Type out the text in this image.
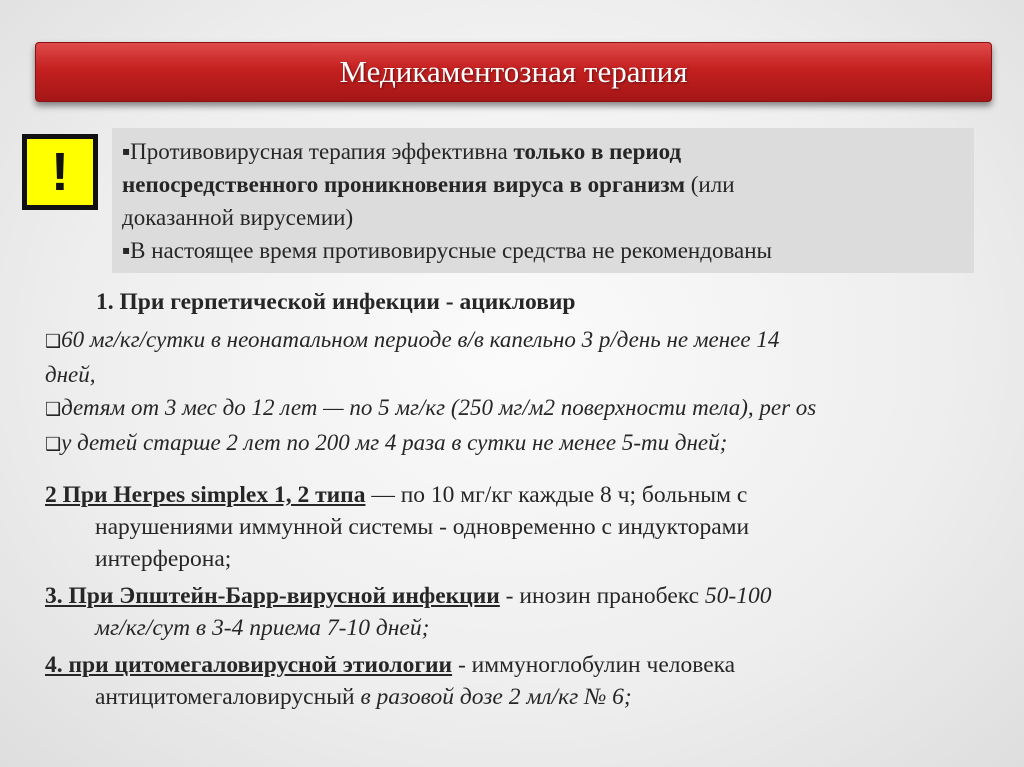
Медикаментозная терапия
!	▪Противовирусная терапия эффективна только в период

непосредственного проникновения вируса в организм (или

доказанной вирусемии)

▪В настоящее время противовирусные средства не рекомендованы

1. При герпетической инфекции - ацикловир

❑60 мг/кг/сутки в неонатальном периоде в/в капельно 3 р/день не менее 14

дней,

❑детям от 3 мес до 12 лет — по 5 мг/кг (250 мг/м2 поверхности тела), per os

❑у детей старше 2 лет по 200 мг 4 раза в сутки не менее 5-ти дней;

2 При Herpes simplex 1, 2 типа — по 10 мг/кг каждые 8 ч; больным с
нарушениями иммунной системы - одновременно с индукторами
интерферона;
3. При Эпштейн-Барр-вирусной инфекции - инозин пранобекс 50-100
мг/кг/сут в 3-4 приема 7-10 дней;
4. при цитомегаловирусной этиологии - иммуноглобулин человека
антицитомегаловирусный в разовой дозе 2 мл/кг № 6;
